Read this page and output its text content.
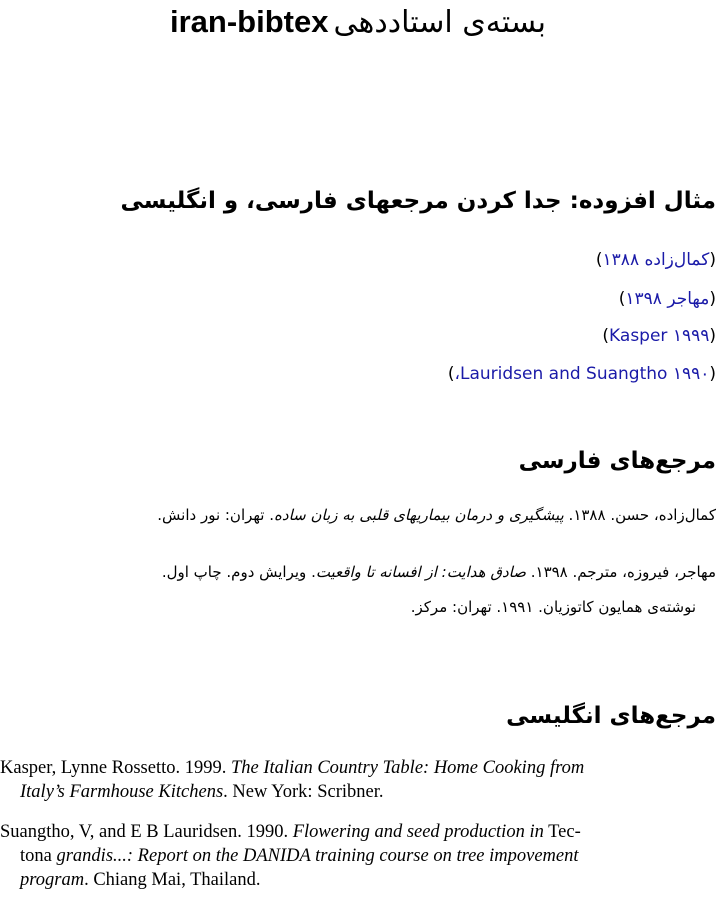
iran-bibtex بسته‌ی استاددهی
مثال افزوده: جدا کردن مرجعهای فارسی، و انگلیسی
(کمال‌زاده ۱۳۸۸)
(مهاجر ۱۳۹۸)
(۱۹۹۹ Kasper)
(۱۹۹۰ Lauridsen and Suangtho،)
مرجع‌های فارسی
کمال‌زاده، حسن. ۱۳۸۸. پیشگیری و درمان بیماریهای قلبی به زبان ساده. تهران: نور دانش.
مهاجر، فیروزه، مترجم. ۱۳۹۸. صادق هدایت: از افسانه تا واقعیت. ویرایش دوم. چاپ اول.
نوشته‌ی همایون کاتوزیان. ۱۹۹۱. تهران: مرکز.
مرجع‌های انگلیسی
Kasper, Lynne Rossetto. 1999. The Italian Country Table: Home Cooking from
Italy’s Farmhouse Kitchens. New York: Scribner.
Suangtho, V, and E B Lauridsen. 1990. Flowering and seed production in Tec-
tona grandis...: Report on the DANIDA training course on tree impovement
program. Chiang Mai, Thailand.
